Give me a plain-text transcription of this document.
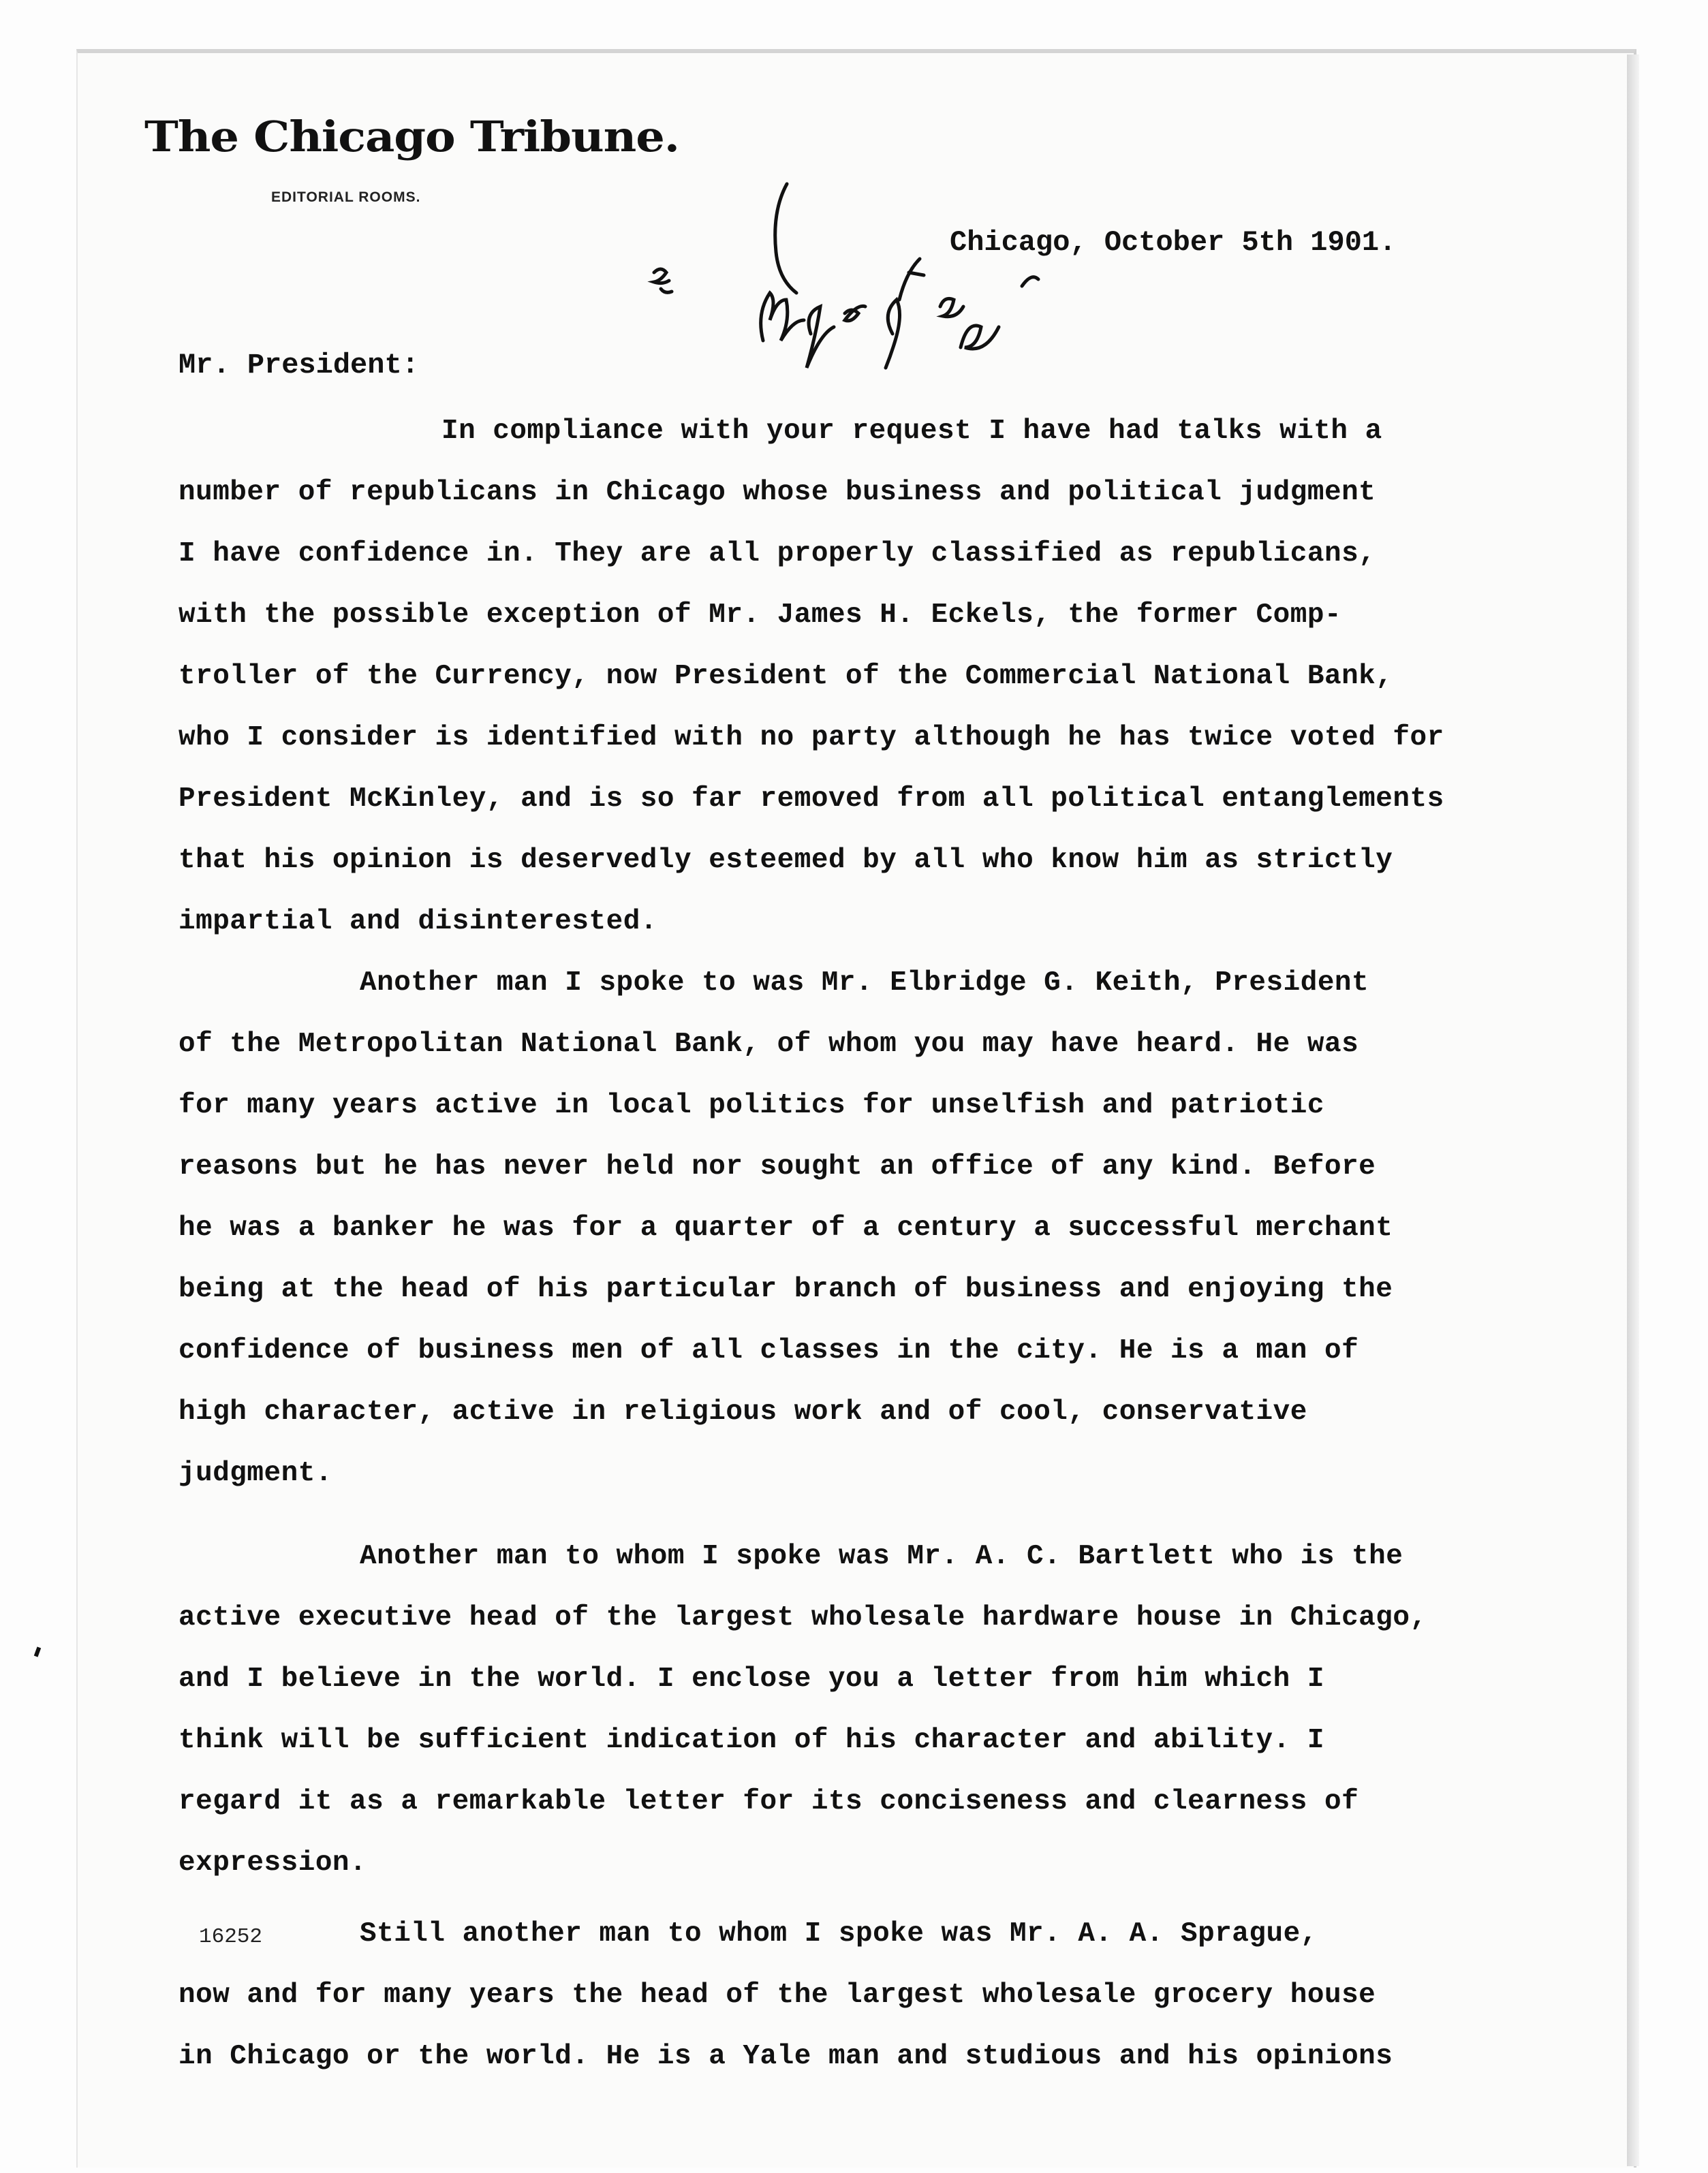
The Chicago Tribune.
EDITORIAL ROOMS.
Chicago, October 5th 1901.
Mr. President:
In compliance with your request I have had talks with a
number of republicans in Chicago whose business and political judgment
I have confidence in. They are all properly classified as republicans,
with the possible exception of Mr. James H. Eckels, the former Comp-
troller of the Currency, now President of the Commercial National Bank,
who I consider is identified with no party although he has twice voted for
President McKinley, and is so far removed from all political entanglements
that his opinion is deservedly esteemed by all who know him as strictly
impartial and disinterested.
Another man I spoke to was Mr. Elbridge G. Keith, President
of the Metropolitan National Bank, of whom you may have heard. He was
for many years active in local politics for unselfish and patriotic
reasons but he has never held nor sought an office of any kind. Before
he was a banker he was for a quarter of a century a successful merchant
being at the head of his particular branch of business and enjoying the
confidence of business men of all classes in the city. He is a man of
high character, active in religious work and of cool, conservative
judgment.
Another man to whom I spoke was Mr. A. C. Bartlett who is the
active executive head of the largest wholesale hardware house in Chicago,
and I believe in the world. I enclose you a letter from him which I
think will be sufficient indication of his character and ability. I
regard it as a remarkable letter for its conciseness and clearness of
expression.
16252	Still another man to whom I spoke was Mr. A. A. Sprague,
now and for many years the head of the largest wholesale grocery house
in Chicago or the world. He is a Yale man and studious and his opinions
